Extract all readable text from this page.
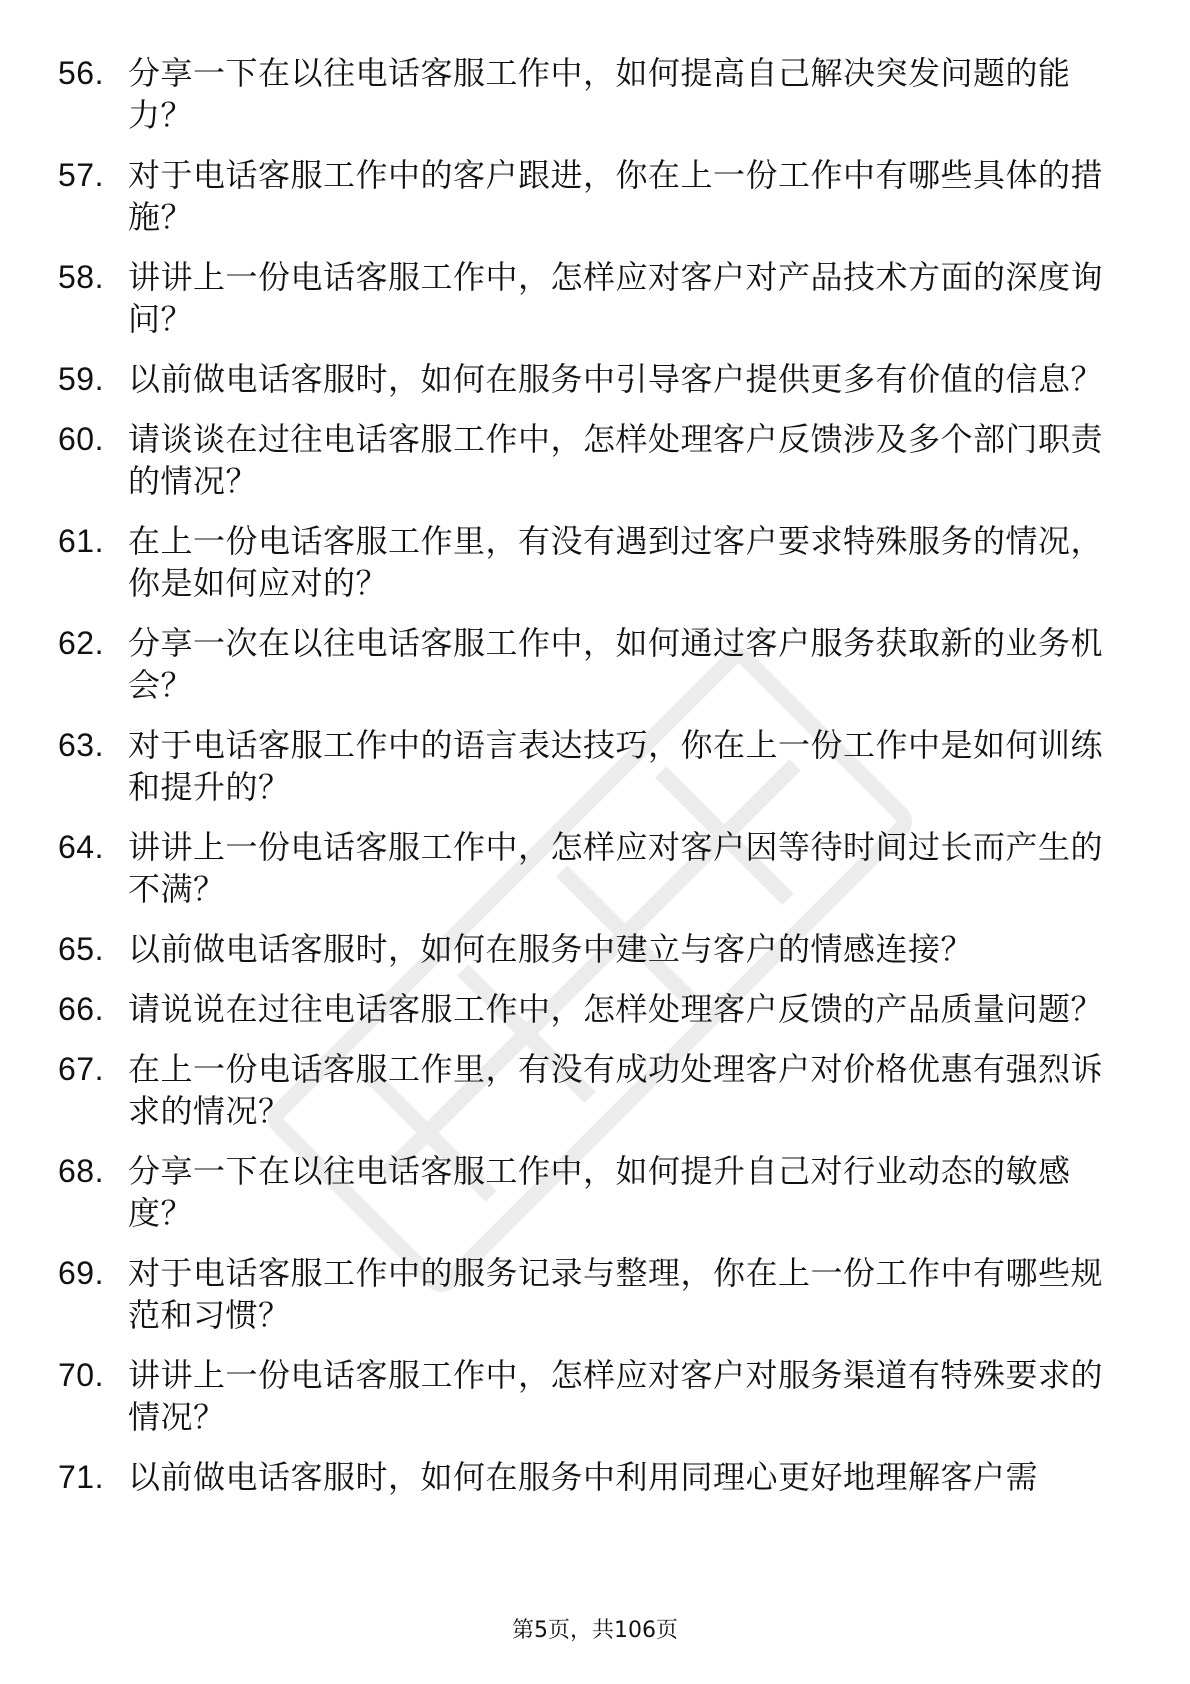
56. 分享一下在以往电话客服工作中，如何提高自己解决突发问题的能力？
57. 对于电话客服工作中的客户跟进，你在上一份工作中有哪些具体的措施？
58. 讲讲上一份电话客服工作中，怎样应对客户对产品技术方面的深度询问？
59. 以前做电话客服时，如何在服务中引导客户提供更多有价值的信息？
60. 请谈谈在过往电话客服工作中，怎样处理客户反馈涉及多个部门职责的情况？
61. 在上一份电话客服工作里，有没有遇到过客户要求特殊服务的情况，你是如何应对的？
62. 分享一次在以往电话客服工作中，如何通过客户服务获取新的业务机会？
63. 对于电话客服工作中的语言表达技巧，你在上一份工作中是如何训练和提升的？
64. 讲讲上一份电话客服工作中，怎样应对客户因等待时间过长而产生的不满？
65. 以前做电话客服时，如何在服务中建立与客户的情感连接？
66. 请说说在过往电话客服工作中，怎样处理客户反馈的产品质量问题？
67. 在上一份电话客服工作里，有没有成功处理客户对价格优惠有强烈诉求的情况？
68. 分享一下在以往电话客服工作中，如何提升自己对行业动态的敏感度？
69. 对于电话客服工作中的服务记录与整理，你在上一份工作中有哪些规范和习惯？
70. 讲讲上一份电话客服工作中，怎样应对客户对服务渠道有特殊要求的情况？
71. 以前做电话客服时，如何在服务中利用同理心更好地理解客户需
第5页，共106页
